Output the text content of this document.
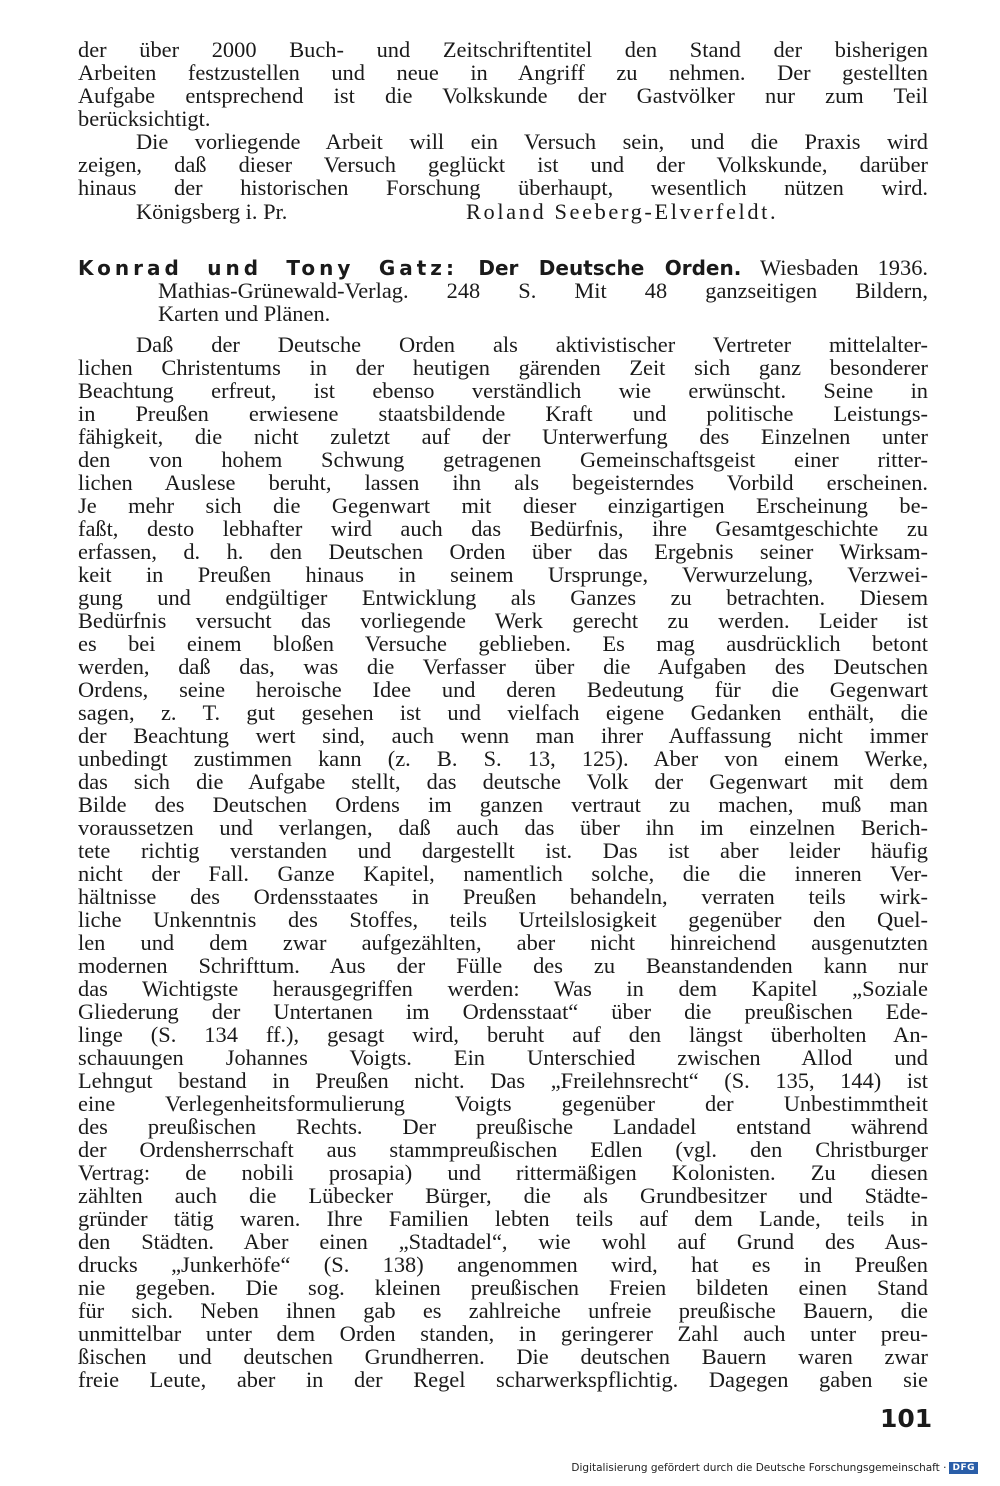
der über 2000 Buch- und Zeitschriftentitel den Stand der bisherigen
Arbeiten festzustellen und neue in Angriff zu nehmen. Der gestellten
Aufgabe entsprechend ist die Volkskunde der Gastvölker nur zum Teil
berücksichtigt.
Die vorliegende Arbeit will ein Versuch sein, und die Praxis wird
zeigen, daß dieser Versuch geglückt ist und der Volkskunde, darüber
hinaus der historischen Forschung überhaupt, wesentlich nützen wird.
Königsberg i. Pr.	Roland Seeberg-Elverfeldt.
Konrad und Tony Gatz: Der Deutsche Orden. Wiesbaden 1936.
Mathias-Grünewald-Verlag. 248 S. Mit 48 ganzseitigen Bildern,
Karten und Plänen.
Daß der Deutsche Orden als aktivistischer Vertreter mittelalter-
lichen Christentums in der heutigen gärenden Zeit sich ganz besonderer
Beachtung erfreut, ist ebenso verständlich wie erwünscht. Seine in
in Preußen erwiesene staatsbildende Kraft und politische Leistungs-
fähigkeit, die nicht zuletzt auf der Unterwerfung des Einzelnen unter
den von hohem Schwung getragenen Gemeinschaftsgeist einer ritter-
lichen Auslese beruht, lassen ihn als begeisterndes Vorbild erscheinen.
Je mehr sich die Gegenwart mit dieser einzigartigen Erscheinung be-
faßt, desto lebhafter wird auch das Bedürfnis, ihre Gesamtgeschichte zu
erfassen, d. h. den Deutschen Orden über das Ergebnis seiner Wirksam-
keit in Preußen hinaus in seinem Ursprunge, Verwurzelung, Verzwei-
gung und endgültiger Entwicklung als Ganzes zu betrachten. Diesem
Bedürfnis versucht das vorliegende Werk gerecht zu werden. Leider ist
es bei einem bloßen Versuche geblieben. Es mag ausdrücklich betont
werden, daß das, was die Verfasser über die Aufgaben des Deutschen
Ordens, seine heroische Idee und deren Bedeutung für die Gegenwart
sagen, z. T. gut gesehen ist und vielfach eigene Gedanken enthält, die
der Beachtung wert sind, auch wenn man ihrer Auffassung nicht immer
unbedingt zustimmen kann (z. B. S. 13, 125). Aber von einem Werke,
das sich die Aufgabe stellt, das deutsche Volk der Gegenwart mit dem
Bilde des Deutschen Ordens im ganzen vertraut zu machen, muß man
voraussetzen und verlangen, daß auch das über ihn im einzelnen Berich-
tete richtig verstanden und dargestellt ist. Das ist aber leider häufig
nicht der Fall. Ganze Kapitel, namentlich solche, die die inneren Ver-
hältnisse des Ordensstaates in Preußen behandeln, verraten teils wirk-
liche Unkenntnis des Stoffes, teils Urteilslosigkeit gegenüber den Quel-
len und dem zwar aufgezählten, aber nicht hinreichend ausgenutzten
modernen Schrifttum. Aus der Fülle des zu Beanstandenden kann nur
das Wichtigste herausgegriffen werden: Was in dem Kapitel „Soziale
Gliederung der Untertanen im Ordensstaat“ über die preußischen Ede-
linge (S. 134 ff.), gesagt wird, beruht auf den längst überholten An-
schauungen Johannes Voigts. Ein Unterschied zwischen Allod und
Lehngut bestand in Preußen nicht. Das „Freilehnsrecht“ (S. 135, 144) ist
eine Verlegenheitsformulierung Voigts gegenüber der Unbestimmtheit
des preußischen Rechts. Der preußische Landadel entstand während
der Ordensherrschaft aus stammpreußischen Edlen (vgl. den Christburger
Vertrag: de nobili prosapia) und rittermäßigen Kolonisten. Zu diesen
zählten auch die Lübecker Bürger, die als Grundbesitzer und Städte-
gründer tätig waren. Ihre Familien lebten teils auf dem Lande, teils in
den Städten. Aber einen „Stadtadel“, wie wohl auf Grund des Aus-
drucks „Junkerhöfe“ (S. 138) angenommen wird, hat es in Preußen
nie gegeben. Die sog. kleinen preußischen Freien bildeten einen Stand
für sich. Neben ihnen gab es zahlreiche unfreie preußische Bauern, die
unmittelbar unter dem Orden standen, in geringerer Zahl auch unter preu-
ßischen und deutschen Grundherren. Die deutschen Bauern waren zwar
freie Leute, aber in der Regel scharwerkspflichtig. Dagegen gaben sie
101
Digitalisierung gefördert durch die Deutsche Forschungsgemeinschaft · DFG
